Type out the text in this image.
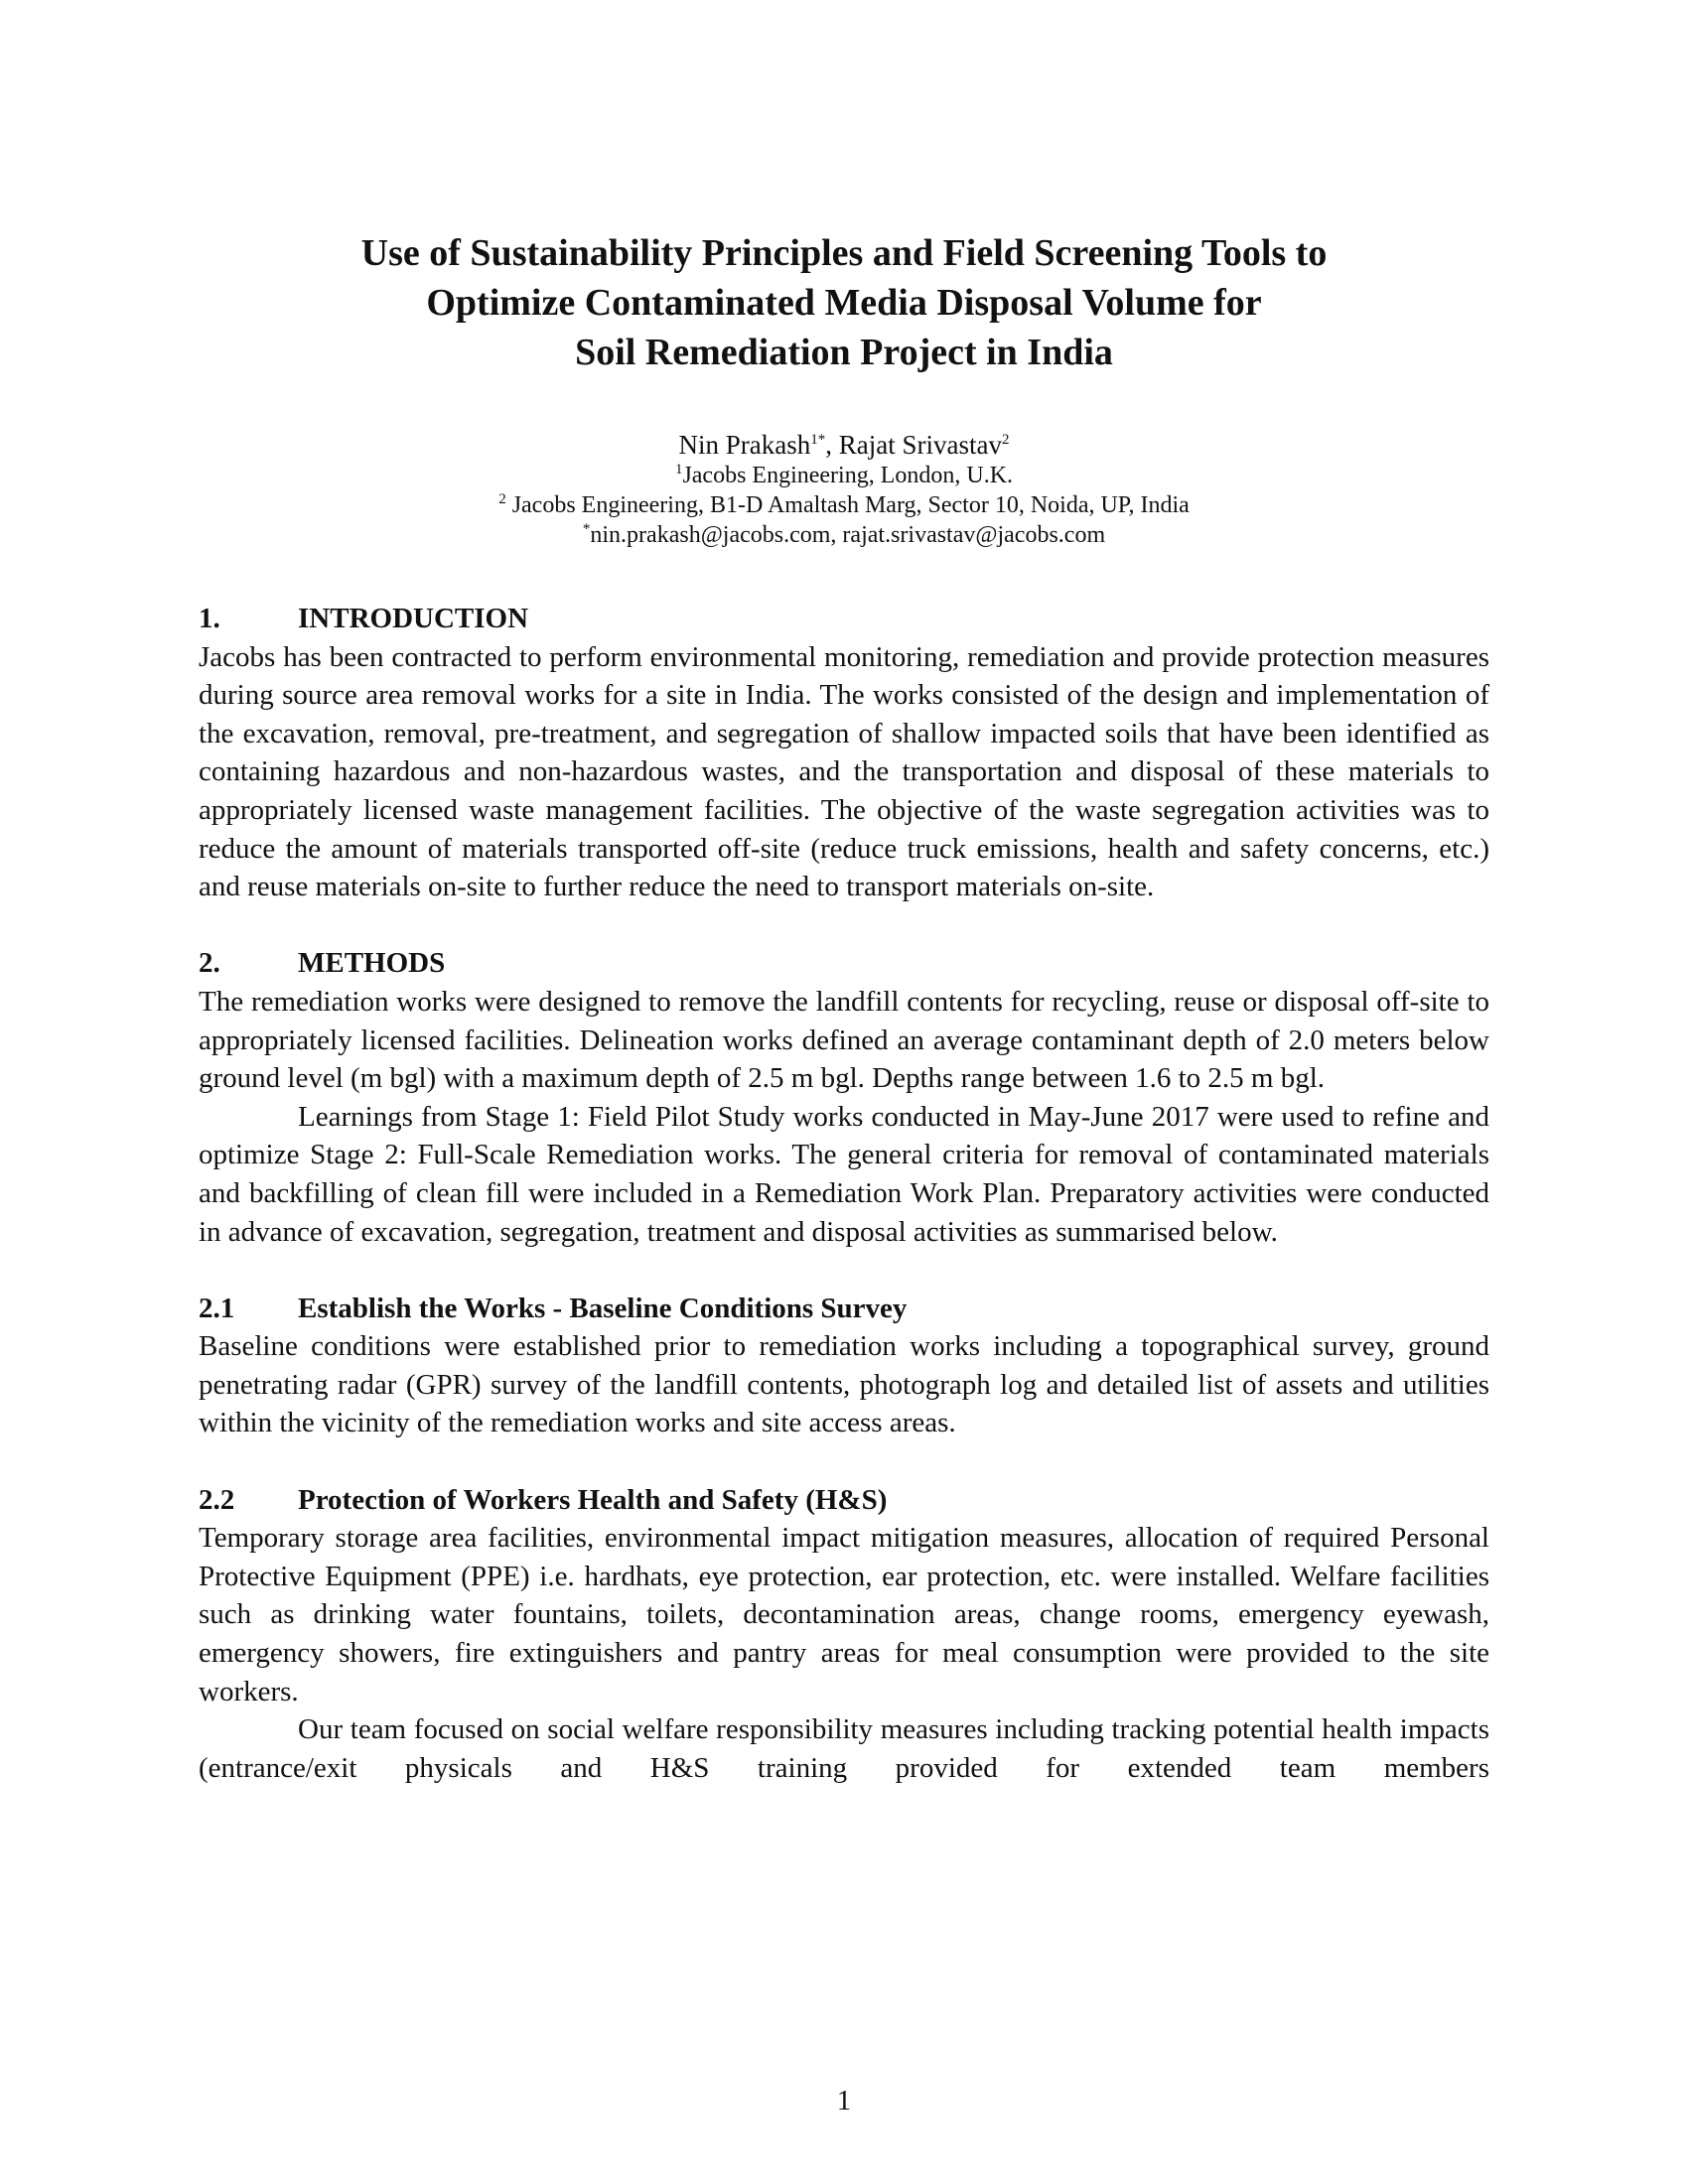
Use of Sustainability Principles and Field Screening Tools to
Optimize Contaminated Media Disposal Volume for
Soil Remediation Project in India
Nin Prakash$^{1*}$, Rajat Srivastav$^2$
$^1$Jacobs Engineering, London, U.K.
$^2$ Jacobs Engineering, B1-D Amaltash Marg, Sector 10, Noida, UP, India
*nin.prakash@jacobs.com, rajat.srivastav@jacobs.com
1.	INTRODUCTION

Jacobs has been contracted to perform environmental monitoring, remediation and provide protection measures during source area removal works for a site in India. The works consisted of the design and implementation of the excavation, removal, pre-treatment, and segregation of shallow impacted soils that have been identified as containing hazardous and non-hazardous wastes, and the transportation and disposal of these materials to appropriately licensed waste management facilities. The objective of the waste segregation activities was to reduce the amount of materials transported off-site (reduce truck emissions, health and safety concerns, etc.) and reuse materials on-site to further reduce the need to transport materials on-site.

2.	METHODS

The remediation works were designed to remove the landfill contents for recycling, reuse or disposal off-site to appropriately licensed facilities. Delineation works defined an average contaminant depth of 2.0 meters below ground level (m bgl) with a maximum depth of 2.5 m bgl. Depths range between 1.6 to 2.5 m bgl.

Learnings from Stage 1: Field Pilot Study works conducted in May-June 2017 were used to refine and optimize Stage 2: Full-Scale Remediation works. The general criteria for removal of contaminated materials and backfilling of clean fill were included in a Remediation Work Plan. Preparatory activities were conducted in advance of excavation, segregation, treatment and disposal activities as summarised below.

2.1 Establish the Works - Baseline Conditions Survey

Baseline conditions were established prior to remediation works including a topographical survey, ground penetrating radar (GPR) survey of the landfill contents, photograph log and detailed list of assets and utilities within the vicinity of the remediation works and site access areas.

2.2 Protection of Workers Health and Safety (H&S)

Temporary storage area facilities, environmental impact mitigation measures, allocation of required Personal Protective Equipment (PPE) i.e. hardhats, eye protection, ear protection, etc. were installed. Welfare facilities such as drinking water fountains, toilets, decontamination areas, change rooms, emergency eyewash, emergency showers, fire extinguishers and pantry areas for meal consumption were provided to the site workers.

Our team focused on social welfare responsibility measures including tracking potential health impacts (entrance/exit physicals and H&S training provided for extended team members

1
